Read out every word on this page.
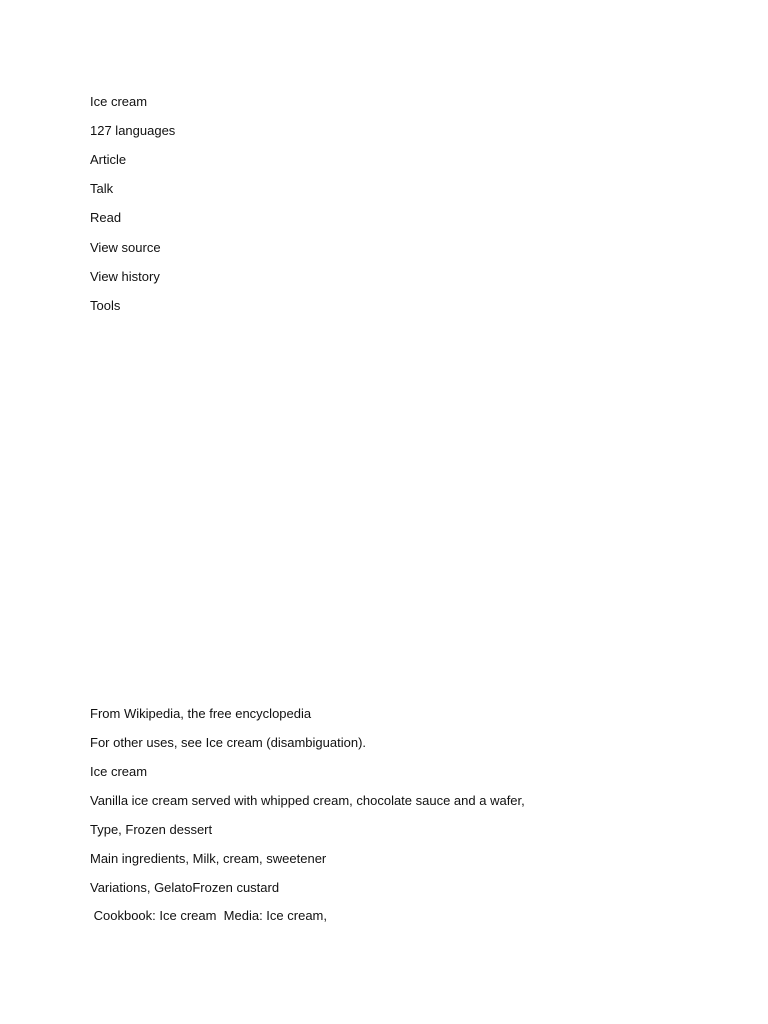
Ice cream
127 languages
Article
Talk
Read
View source
View history
Tools
From Wikipedia, the free encyclopedia
For other uses, see Ice cream (disambiguation).
Ice cream
Vanilla ice cream served with whipped cream, chocolate sauce and a wafer,
Type, Frozen dessert
Main ingredients, Milk, cream, sweetener
Variations, GelatoFrozen custard
Cookbook: Ice cream  Media: Ice cream,
